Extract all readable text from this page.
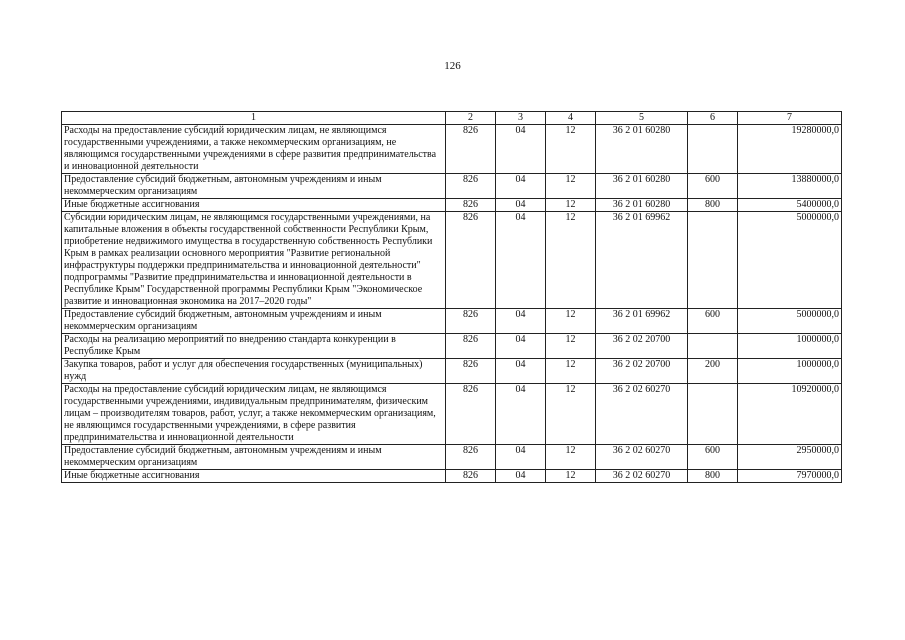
126
1	2	3	4	5	6	7
Расходы на предоставление субсидий юридическим лицам, не являющимся государственными учреждениями, а также некоммерческим организациям, не являющимся государственными учреждениями в сфере развития предпринимательства и инновационной деятельности	826	04	12	36 2 01 60280		19280000,0
Предоставление субсидий бюджетным, автономным учреждениям и иным некоммерческим организациям	826	04	12	36 2 01 60280	600	13880000,0
Иные бюджетные ассигнования	826	04	12	36 2 01 60280	800	5400000,0
Субсидии юридическим лицам, не являющимся государственными учреждениями, на капитальные вложения в объекты государственной собственности Республики Крым, приобретение недвижимого имущества в государственную собственность Республики Крым в рамках реализации основного мероприятия "Развитие региональной инфраструктуры поддержки предпринимательства и инновационной деятельности" подпрограммы "Развитие предпринимательства и инновационной деятельности в Республике Крым" Государственной программы Республики Крым "Экономическое развитие и инновационная экономика на 2017–2020 годы"	826	04	12	36 2 01 69962		5000000,0
Предоставление субсидий бюджетным, автономным учреждениям и иным некоммерческим организациям	826	04	12	36 2 01 69962	600	5000000,0
Расходы на реализацию мероприятий по внедрению стандарта конкуренции в Республике Крым	826	04	12	36 2 02 20700		1000000,0
Закупка товаров, работ и услуг для обеспечения государственных (муниципальных) нужд	826	04	12	36 2 02 20700	200	1000000,0
Расходы на предоставление субсидий юридическим лицам, не являющимся государственными учреждениями, индивидуальным предпринимателям, физическим лицам – производителям товаров, работ, услуг, а также некоммерческим организациям, не являющимся государственными учреждениями, в сфере развития предпринимательства и инновационной деятельности	826	04	12	36 2 02 60270		10920000,0
Предоставление субсидий бюджетным, автономным учреждениям и иным некоммерческим организациям	826	04	12	36 2 02 60270	600	2950000,0
Иные бюджетные ассигнования	826	04	12	36 2 02 60270	800	7970000,0
